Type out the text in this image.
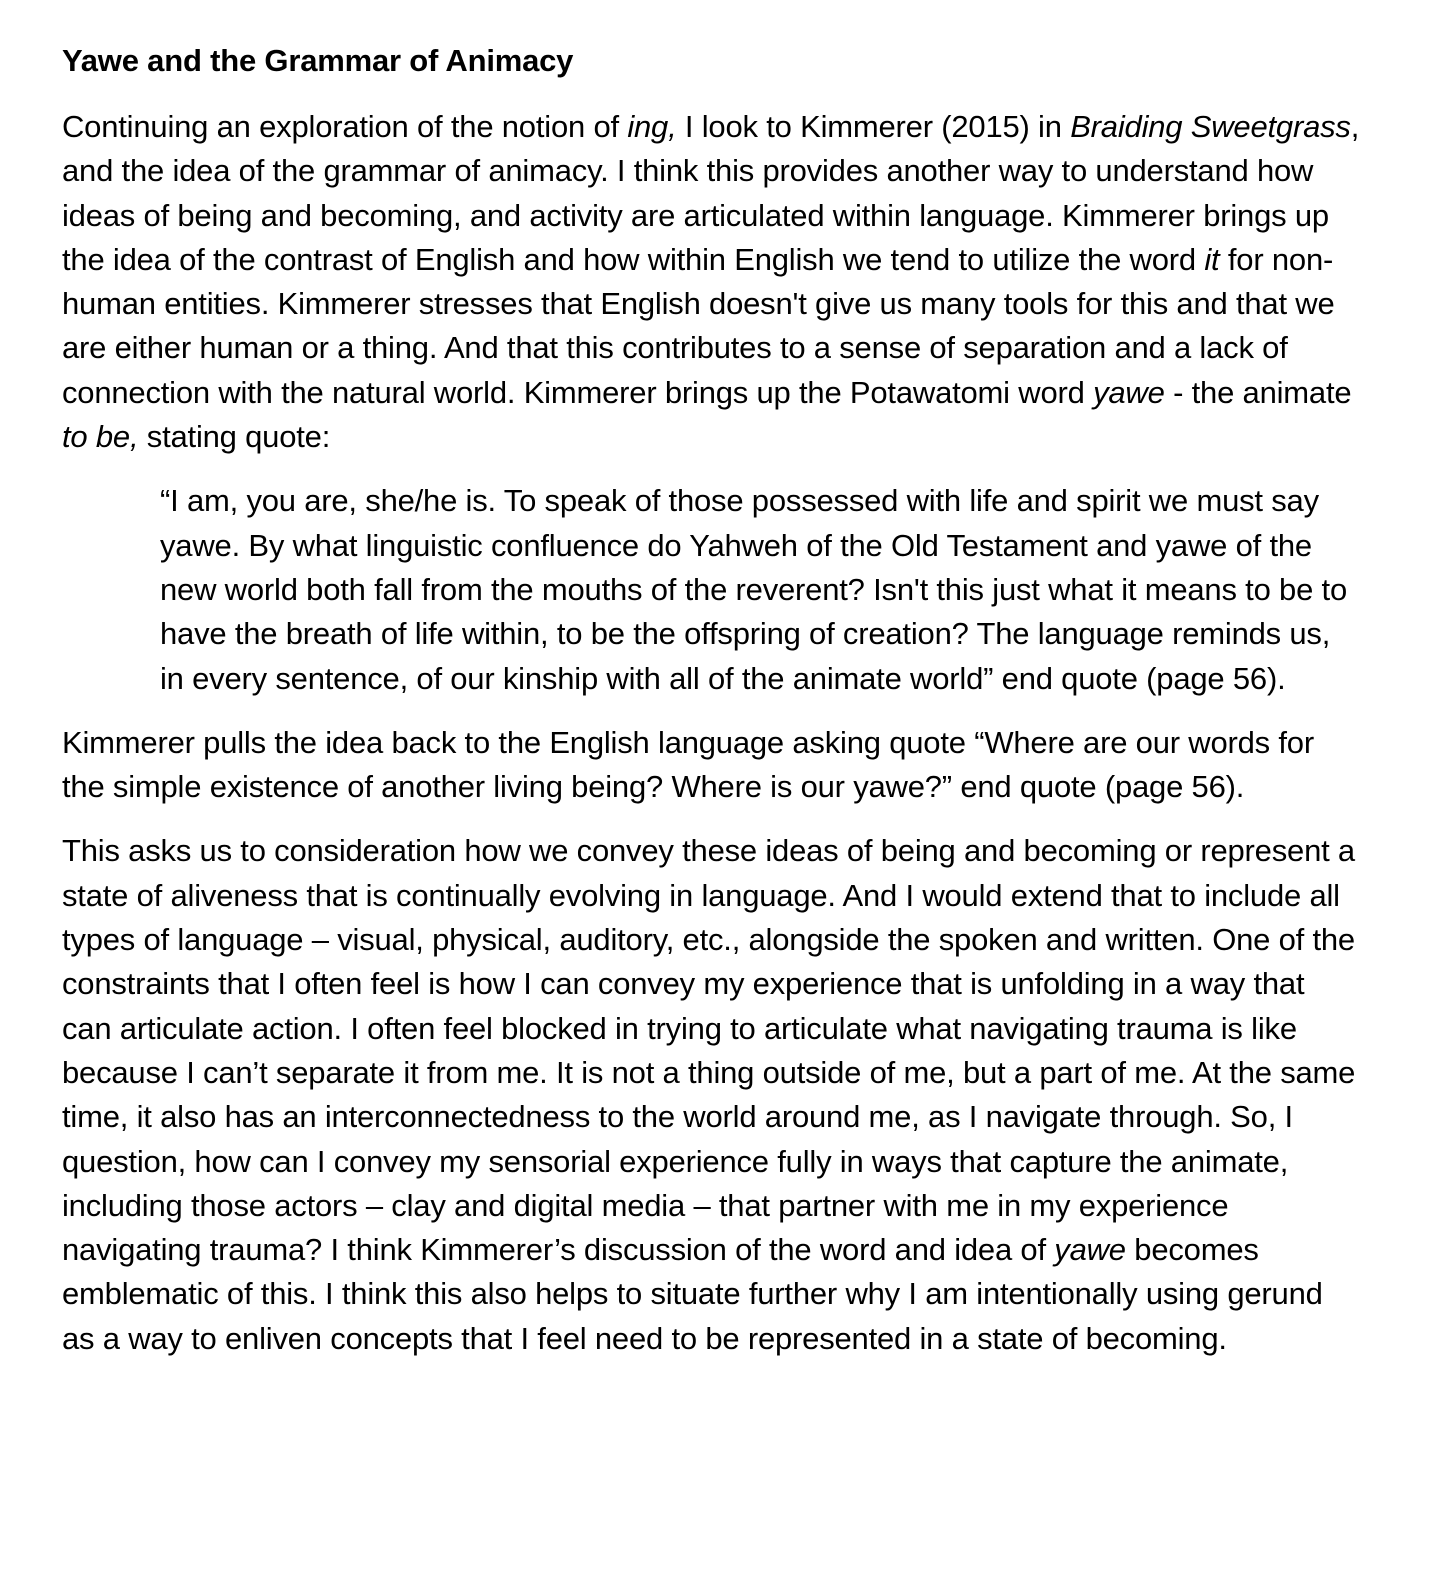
Yawe and the Grammar of Animacy

Continuing an exploration of the notion of ing, I look to Kimmerer (2015) in Braiding Sweetgrass, and the idea of the grammar of animacy. I think this provides another way to understand how ideas of being and becoming, and activity are articulated within language. Kimmerer brings up the idea of the contrast of English and how within English we tend to utilize the word it for non-human entities. Kimmerer stresses that English doesn't give us many tools for this and that we are either human or a thing. And that this contributes to a sense of separation and a lack of connection with the natural world. Kimmerer brings up the Potawatomi word yawe - the animate to be, stating quote:

“I am, you are, she/he is. To speak of those possessed with life and spirit we must say yawe. By what linguistic confluence do Yahweh of the Old Testament and yawe of the new world both fall from the mouths of the reverent? Isn't this just what it means to be to have the breath of life within, to be the offspring of creation? The language reminds us, in every sentence, of our kinship with all of the animate world” end quote (page 56).

Kimmerer pulls the idea back to the English language asking quote “Where are our words for the simple existence of another living being? Where is our yawe?” end quote (page 56).

This asks us to consideration how we convey these ideas of being and becoming or represent a state of aliveness that is continually evolving in language. And I would extend that to include all types of language – visual, physical, auditory, etc., alongside the spoken and written. One of the constraints that I often feel is how I can convey my experience that is unfolding in a way that can articulate action. I often feel blocked in trying to articulate what navigating trauma is like because I can’t separate it from me. It is not a thing outside of me, but a part of me. At the same time, it also has an interconnectedness to the world around me, as I navigate through. So, I question, how can I convey my sensorial experience fully in ways that capture the animate, including those actors – clay and digital media – that partner with me in my experience navigating trauma? I think Kimmerer’s discussion of the word and idea of yawe becomes emblematic of this. I think this also helps to situate further why I am intentionally using gerund as a way to enliven concepts that I feel need to be represented in a state of becoming.
